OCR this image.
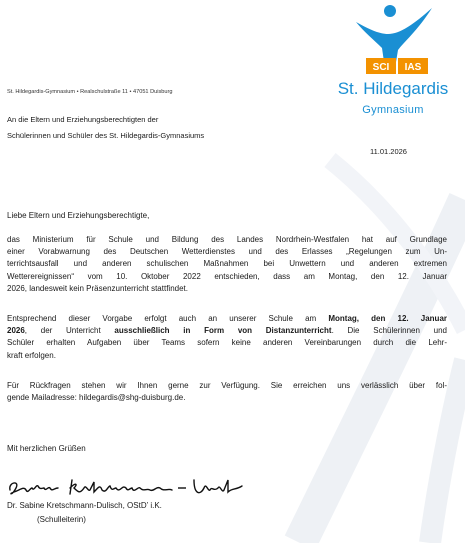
SCI IAS
St. Hildegardis
Gymnasium
St. Hildegardis-Gymnasium • Realschulstraße 11 • 47051 Duisburg
An die Eltern und Erziehungsberechtigten der
Schülerinnen und Schüler des St. Hildegardis-Gymnasiums
11.01.2026
Liebe Eltern und Erziehungsberechtigte,
das Ministerium für Schule und Bildung des Landes Nordrhein-Westfalen hat auf Grundlage
einer Vorabwarnung des Deutschen Wetterdienstes und des Erlasses „Regelungen zum Un-
terrichtsausfall und anderen schulischen Maßnahmen bei Unwettern und anderen extremen
Wetterereignissen“ vom 10. Oktober 2022 entschieden, dass am Montag, den 12. Januar
2026, landesweit kein Präsenzunterricht stattfindet.
Entsprechend dieser Vorgabe erfolgt auch an unserer Schule am Montag, den 12. Januar
2026, der Unterricht ausschließlich in Form von Distanzunterricht. Die Schülerinnen und
Schüler erhalten Aufgaben über Teams sofern keine anderen Vereinbarungen durch die Lehr-
kraft erfolgen.
Für Rückfragen stehen wir Ihnen gerne zur Verfügung. Sie erreichen uns verlässlich über fol-
gende Mailadresse: hildegardis@shg-duisburg.de.
Mit herzlichen Grüßen
Dr. Sabine Kretschmann-Dulisch, OStD’ i.K.
(Schulleiterin)
